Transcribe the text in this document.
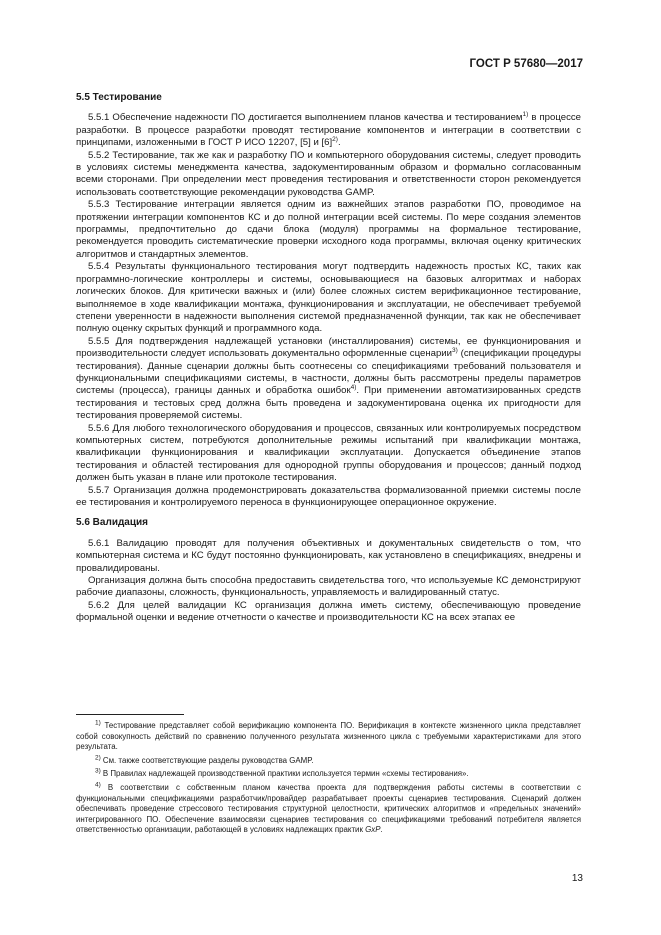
ГОСТ Р 57680—2017
5.5 Тестирование

5.5.1 Обеспечение надежности ПО достигается выполнением планов качества и тестированием$^{1)}$ в процессе разработки. В процессе разработки проводят тестирование компонентов и интеграции в соответствии с принципами, изложенными в ГОСТ Р ИСО 12207, [5] и $[6]^{2)}$.

5.5.2 Тестирование, так же как и разработку ПО и компьютерного оборудования системы, следует проводить в условиях системы менеджмента качества, задокументированным образом и формально согласованным всеми сторонами. При определении мест проведения тестирования и ответственности сторон рекомендуется использовать соответствующие рекомендации руководства GAMP.

5.5.3 Тестирование интеграции является одним из важнейших этапов разработки ПО, проводимое на протяжении интеграции компонентов КС и до полной интеграции всей системы. По мере создания элементов программы, предпочтительно до сдачи блока (модуля) программы на формальное тестирование, рекомендуется проводить систематические проверки исходного кода программы, включая оценку критических алгоритмов и стандартных элементов.

5.5.4 Результаты функционального тестирования могут подтвердить надежность простых КС, таких как программно-логические контроллеры и системы, основывающиеся на базовых алгоритмах и наборах логических блоков. Для критически важных и (или) более сложных систем верификационное тестирование, выполняемое в ходе квалификации монтажа, функционирования и эксплуатации, не обеспечивает требуемой степени уверенности в надежности выполнения системой предназначенной функции, так как не обеспечивает полную оценку скрытых функций и программного кода.

5.5.5 Для подтверждения надлежащей установки (инсталлирования) системы, ее функционирования и производительности следует использовать документально оформленные сценарии$^{3)}$ (спецификации процедуры тестирования). Данные сценарии должны быть соотнесены со спецификациями требований пользователя и функциональными спецификациями системы, в частности, должны быть рассмотрены пределы параметров системы (процесса), границы данных и обработка ошибок$^{4)}$. При применении автоматизированных средств тестирования и тестовых сред должна быть проведена и задокументирована оценка их пригодности для тестирования проверяемой системы.

5.5.6 Для любого технологического оборудования и процессов, связанных или контролируемых посредством компьютерных систем, потребуются дополнительные режимы испытаний при квалификации монтажа, квалификации функционирования и квалификации эксплуатации. Допускается объединение этапов тестирования и областей тестирования для однородной группы оборудования и процессов; данный подход должен быть указан в плане или протоколе тестирования.

5.5.7 Организация должна продемонстрировать доказательства формализованной приемки системы после ее тестирования и контролируемого переноса в функционирующее операционное окружение.

5.6 Валидация

5.6.1 Валидацию проводят для получения объективных и документальных свидетельств о том, что компьютерная система и КС будут постоянно функционировать, как установлено в спецификациях, внедрены и провалидированы.

Организация должна быть способна предоставить свидетельства того, что используемые КС демонстрируют рабочие диапазоны, сложность, функциональность, управляемость и валидированный статус.

5.6.2 Для целей валидации КС организация должна иметь систему, обеспечивающую проведение формальной оценки и ведение отчетности о качестве и производительности КС на всех этапах ее

$^{1)}$ Тестирование представляет собой верификацию компонента ПО. Верификация в контексте жизненного цикла представляет собой совокупность действий по сравнению полученного результата жизненного цикла с требуемыми характеристиками для этого результата.

$^{2)}$ См. также соответствующие разделы руководства GAMP.

$^{3)}$ В Правилах надлежащей производственной практики используется термин «схемы тестирования».

$^{4)}$ В соответствии с собственным планом качества проекта для подтверждения работы системы в соответствии с функциональными спецификациями разработчик/провайдер разрабатывает проекты сценариев тестирования. Сценарий должен обеспечивать проведение стрессового тестирования структурной целостности, критических алгоритмов и «предельных значений» интегрированного ПО. Обеспечение взаимосвязи сценариев тестирования со спецификациями требований потребителя является ответственностью организации, работающей в условиях надлежащих практик GxP.

13
